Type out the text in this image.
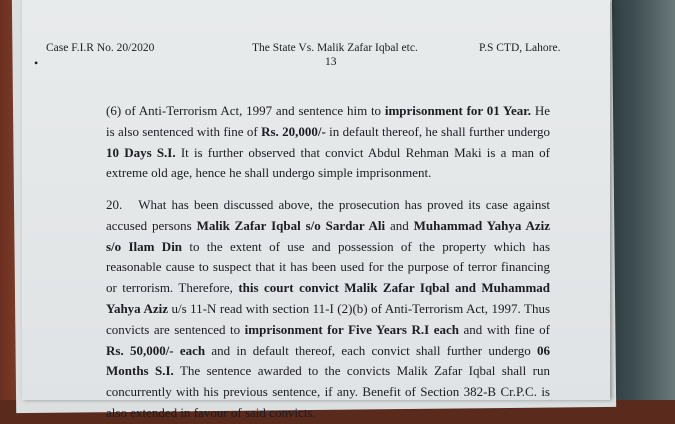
•
Case F.I.R No. 20/2020	The State Vs. Malik Zafar Iqbal etc.
13
P.S CTD, Lahore.
(6) of Anti-Terrorism Act, 1997 and sentence him to imprisonment for 01 Year. He is also sentenced with fine of Rs. 20,000/- in default thereof, he shall further undergo 10 Days S.I. It is further observed that convict Abdul Rehman Maki is a man of extreme old age, hence he shall undergo simple imprisonment.
20. What has been discussed above, the prosecution has proved its case against accused persons Malik Zafar Iqbal s/o Sardar Ali and Muhammad Yahya Aziz s/o Ilam Din to the extent of use and possession of the property which has reasonable cause to suspect that it has been used for the purpose of terror financing or terrorism. Therefore, this court convict Malik Zafar Iqbal and Muhammad Yahya Aziz u/s 11-N read with section 11-I (2)(b) of Anti-Terrorism Act, 1997. Thus convicts are sentenced to imprisonment for Five Years R.I each and with fine of Rs. 50,000/- each and in default thereof, each convict shall further undergo 06 Months S.I. The sentence awarded to the convicts Malik Zafar Iqbal shall run concurrently with his previous sentence, if any. Benefit of Section 382-B Cr.P.C. is also extended in favour of said convicts.
